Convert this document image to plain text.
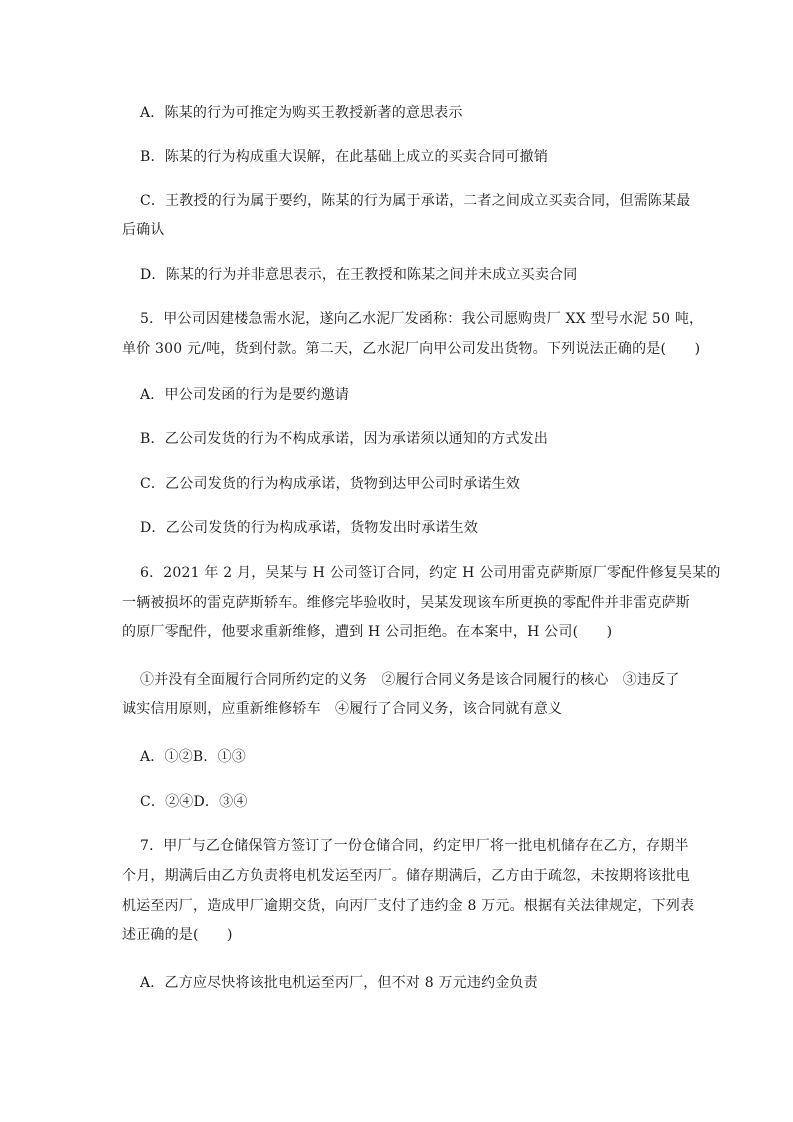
A．陈某的行为可推定为购买王教授新著的意思表示
B．陈某的行为构成重大误解，在此基础上成立的买卖合同可撤销
C．王教授的行为属于要约，陈某的行为属于承诺，二者之间成立买卖合同，但需陈某最
后确认
D．陈某的行为并非意思表示，在王教授和陈某之间并未成立买卖合同
5．甲公司因建楼急需水泥，遂向乙水泥厂发函称：我公司愿购贵厂 XX 型号水泥 50 吨，
单价 300 元/吨，货到付款。第二天，乙水泥厂向甲公司发出货物。下列说法正确的是(　　)
A．甲公司发函的行为是要约邀请
B．乙公司发货的行为不构成承诺，因为承诺须以通知的方式发出
C．乙公司发货的行为构成承诺，货物到达甲公司时承诺生效
D．乙公司发货的行为构成承诺，货物发出时承诺生效
6．2021 年 2 月，吴某与 H 公司签订合同，约定 H 公司用雷克萨斯原厂零配件修复吴某的
一辆被损坏的雷克萨斯轿车。维修完毕验收时，吴某发现该车所更换的零配件并非雷克萨斯
的原厂零配件，他要求重新维修，遭到 H 公司拒绝。在本案中，H 公司(　　)
①并没有全面履行合同所约定的义务　②履行合同义务是该合同履行的核心　③违反了
诚实信用原则，应重新维修轿车　④履行了合同义务，该合同就有意义
A．①②B．①③
C．②④D．③④
7．甲厂与乙仓储保管方签订了一份仓储合同，约定甲厂将一批电机储存在乙方，存期半
个月，期满后由乙方负责将电机发运至丙厂。储存期满后，乙方由于疏忽，未按期将该批电
机运至丙厂，造成甲厂逾期交货，向丙厂支付了违约金 8 万元。根据有关法律规定，下列表
述正确的是(　　)
A．乙方应尽快将该批电机运至丙厂，但不对 8 万元违约金负责
